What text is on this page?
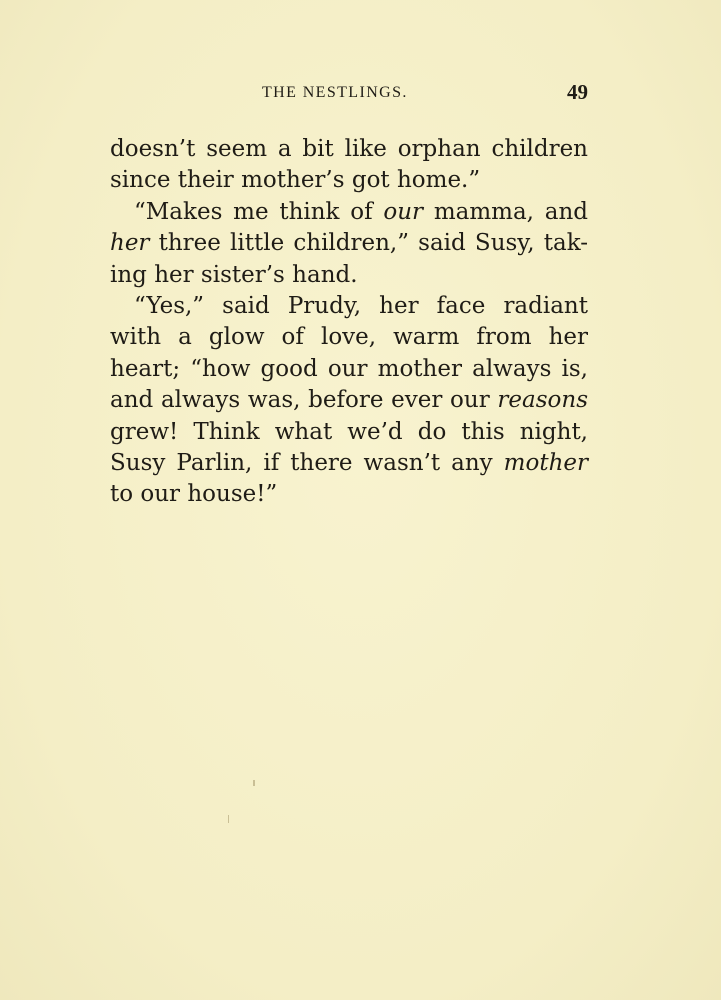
THE NESTLINGS.	49
doesn’t seem a bit like orphan children
since their mother’s got home.”
“Makes me think of our mamma, and
her three little children,” said Susy, tak-
ing her sister’s hand.
“Yes,” said Prudy, her face radiant
with a glow of love, warm from her
heart; “how good our mother always is,
and always was, before ever our reasons
grew! Think what we’d do this night,
Susy Parlin, if there wasn’t any mother
to our house!”
